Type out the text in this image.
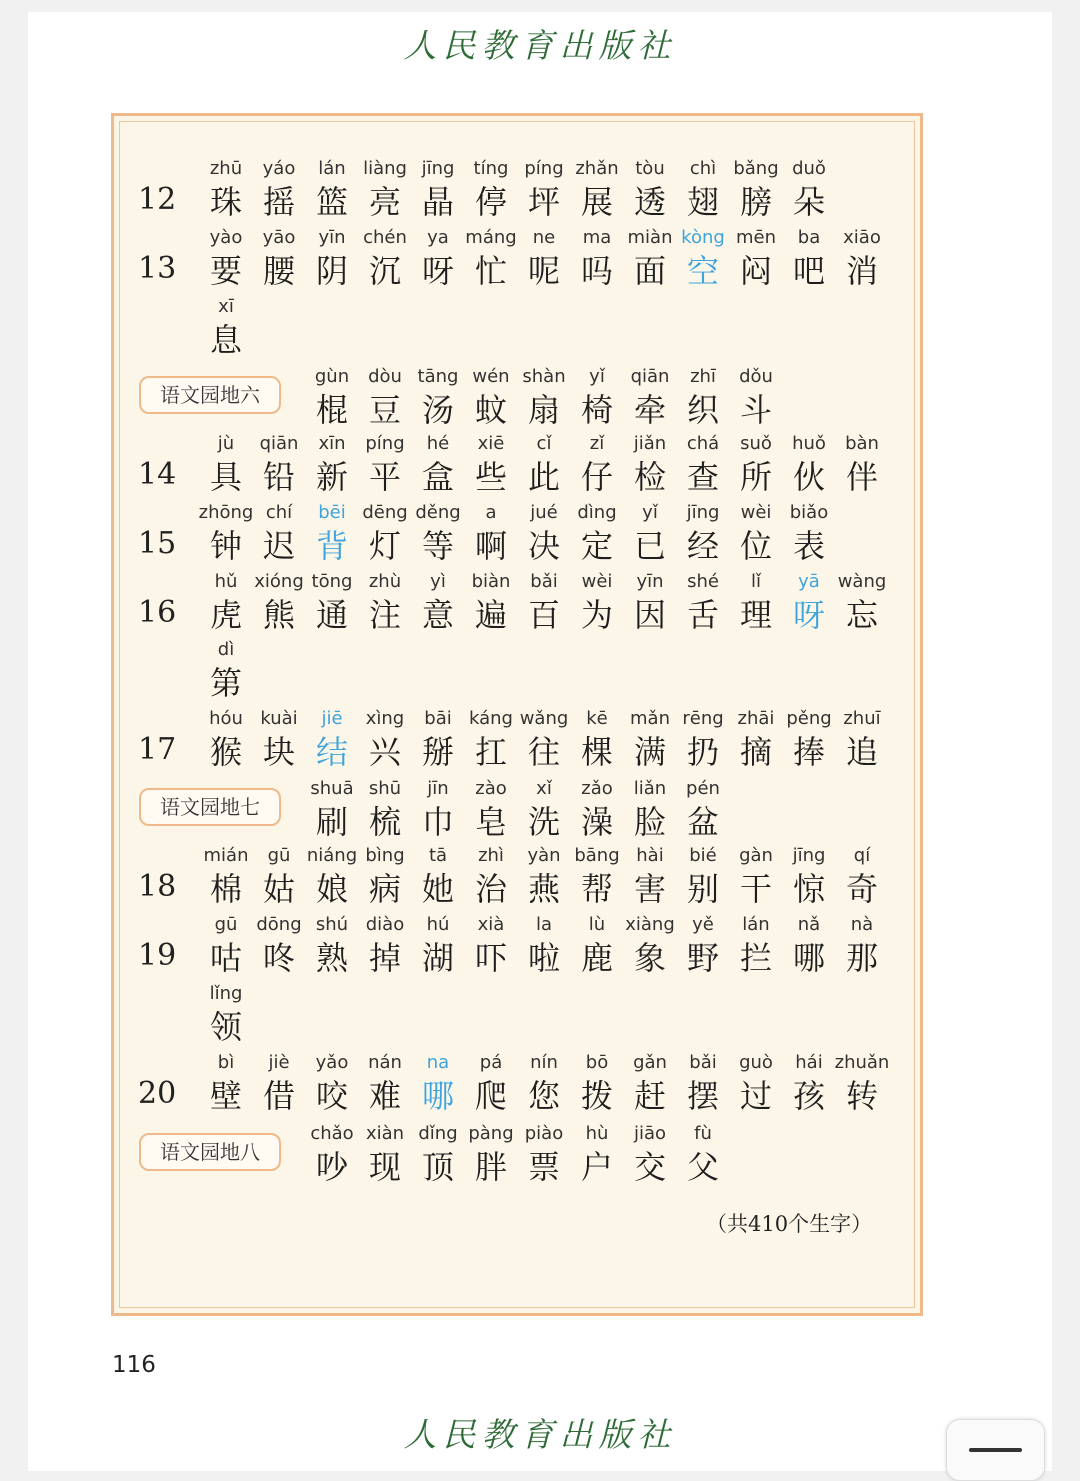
人民教育出版社
12
zhū
珠
yáo
摇
lán
篮
liàng
亮
jīng
晶
tíng
停
píng
坪
zhǎn
展
tòu
透
chì
翅
bǎng
膀
duǒ
朵
13
yào
要
yāo
腰
yīn
阴
chén
沉
ya
呀
máng
忙
ne
呢
ma
吗
miàn
面
kòng
空
mēn
闷
ba
吧
xiāo
消
xī
息
语文园地六
gùn
棍
dòu
豆
tāng
汤
wén
蚊
shàn
扇
yǐ
椅
qiān
牵
zhī
织
dǒu
斗
14
jù
具
qiān
铅
xīn
新
píng
平
hé
盒
xiē
些
cǐ
此
zǐ
仔
jiǎn
检
chá
查
suǒ
所
huǒ
伙
bàn
伴
15
zhōng
钟
chí
迟
bēi
背
dēng
灯
děng
等
a
啊
jué
决
dìng
定
yǐ
已
jīng
经
wèi
位
biǎo
表
16
hǔ
虎
xióng
熊
tōng
通
zhù
注
yì
意
biàn
遍
bǎi
百
wèi
为
yīn
因
shé
舌
lǐ
理
yā
呀
wàng
忘
dì
第
17
hóu
猴
kuài
块
jiē
结
xìng
兴
bāi
掰
káng
扛
wǎng
往
kē
棵
mǎn
满
rēng
扔
zhāi
摘
pěng
捧
zhuī
追
语文园地七
shuā
刷
shū
梳
jīn
巾
zào
皂
xǐ
洗
zǎo
澡
liǎn
脸
pén
盆
18
mián
棉
gū
姑
niáng
娘
bìng
病
tā
她
zhì
治
yàn
燕
bāng
帮
hài
害
bié
别
gàn
干
jīng
惊
qí
奇
19
gū
咕
dōng
咚
shú
熟
diào
掉
hú
湖
xià
吓
la
啦
lù
鹿
xiàng
象
yě
野
lán
拦
nǎ
哪
nà
那
lǐng
领
20
bì
壁
jiè
借
yǎo
咬
nán
难
na
哪
pá
爬
nín
您
bō
拨
gǎn
赶
bǎi
摆
guò
过
hái
孩
zhuǎn
转
语文园地八
chǎo
吵
xiàn
现
dǐng
顶
pàng
胖
piào
票
hù
户
jiāo
交
fù
父
（共410个生字）
116
人民教育出版社
